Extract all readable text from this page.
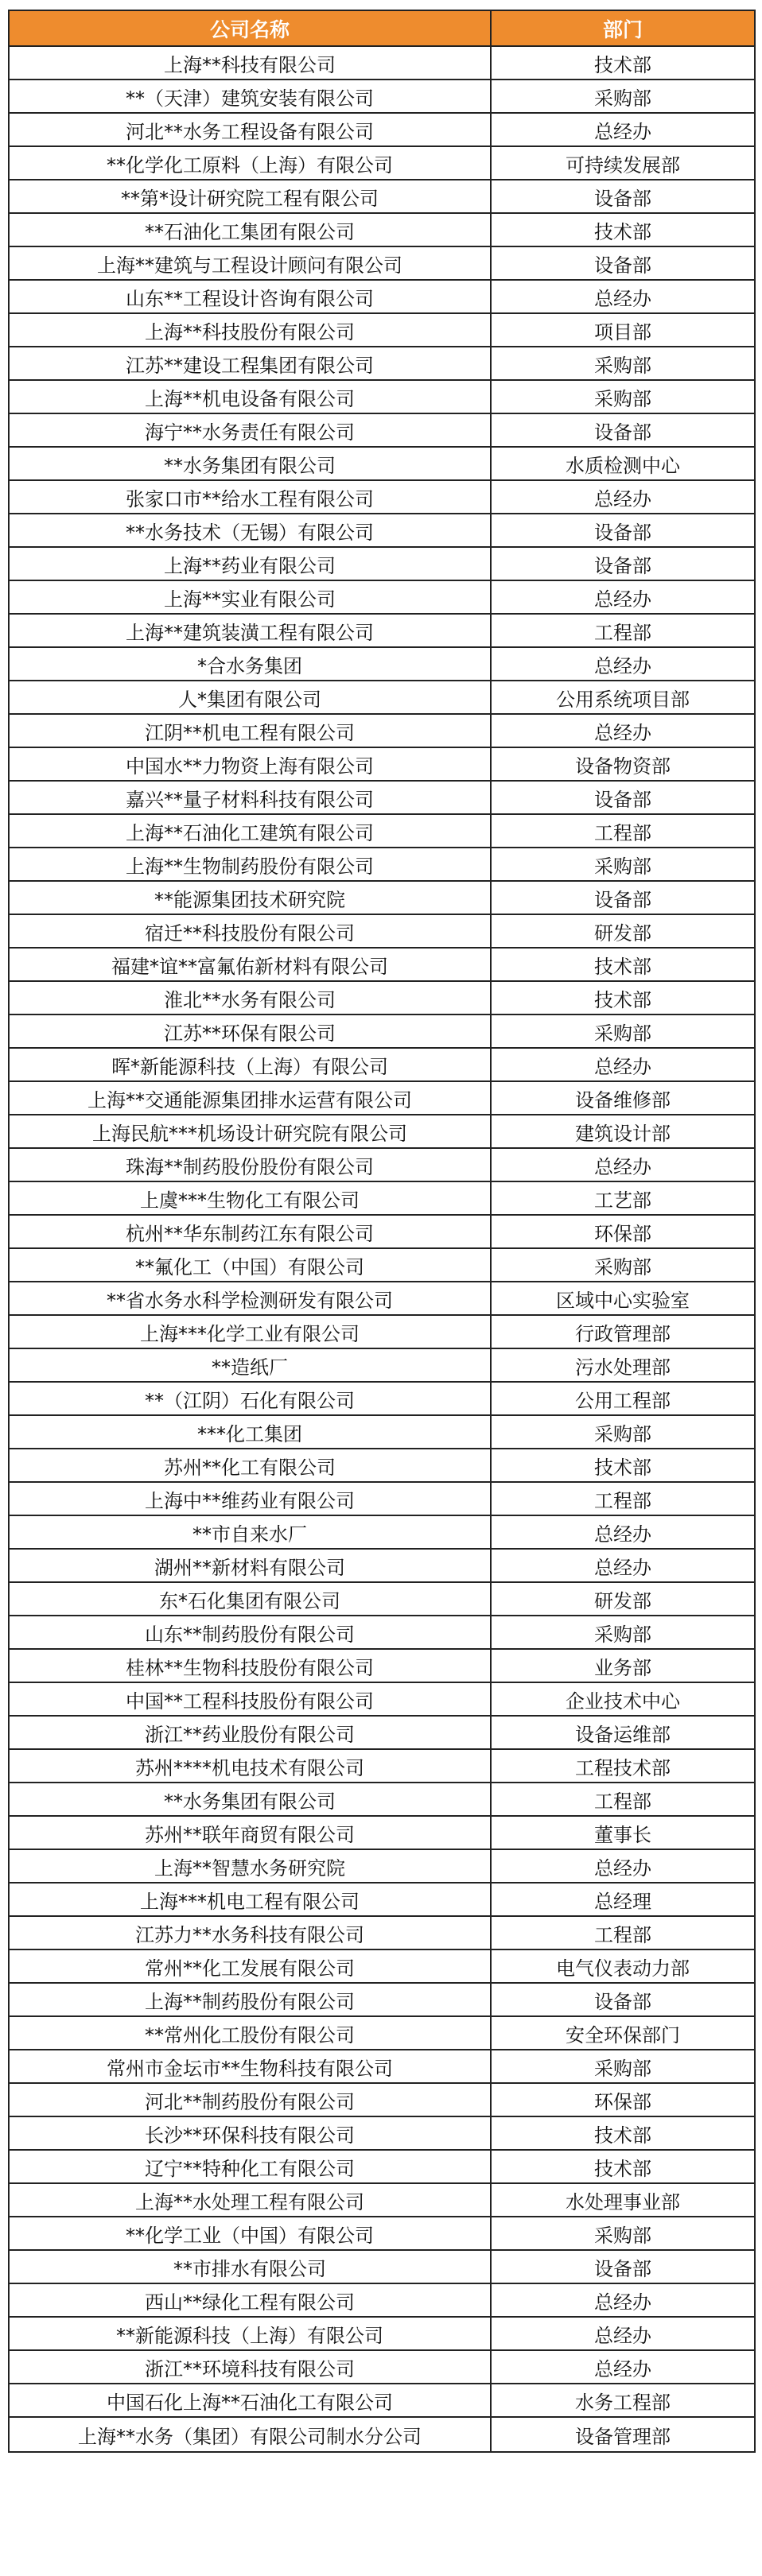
公司名称	部门
上海**科技有限公司	技术部
**（天津）建筑安装有限公司	采购部
河北**水务工程设备有限公司	总经办
**化学化工原料（上海）有限公司	可持续发展部
**第*设计研究院工程有限公司	设备部
**石油化工集团有限公司	技术部
上海**建筑与工程设计顾问有限公司	设备部
山东**工程设计咨询有限公司	总经办
上海**科技股份有限公司	项目部
江苏**建设工程集团有限公司	采购部
上海**机电设备有限公司	采购部
海宁**水务责任有限公司	设备部
**水务集团有限公司	水质检测中心
张家口市**给水工程有限公司	总经办
**水务技术（无锡）有限公司	设备部
上海**药业有限公司	设备部
上海**实业有限公司	总经办
上海**建筑装潢工程有限公司	工程部
*合水务集团	总经办
人*集团有限公司	公用系统项目部
江阴**机电工程有限公司	总经办
中国水**力物资上海有限公司	设备物资部
嘉兴**量子材料科技有限公司	设备部
上海**石油化工建筑有限公司	工程部
上海**生物制药股份有限公司	采购部
**能源集团技术研究院	设备部
宿迁**科技股份有限公司	研发部
福建*谊**富氟佑新材料有限公司	技术部
淮北**水务有限公司	技术部
江苏**环保有限公司	采购部
晖*新能源科技（上海）有限公司	总经办
上海**交通能源集团排水运营有限公司	设备维修部
上海民航***机场设计研究院有限公司	建筑设计部
珠海**制药股份股份有限公司	总经办
上虞***生物化工有限公司	工艺部
杭州**华东制药江东有限公司	环保部
**氟化工（中国）有限公司	采购部
**省水务水科学检测研发有限公司	区域中心实验室
上海***化学工业有限公司	行政管理部
**造纸厂	污水处理部
**（江阴）石化有限公司	公用工程部
***化工集团	采购部
苏州**化工有限公司	技术部
上海中**维药业有限公司	工程部
**市自来水厂	总经办
湖州**新材料有限公司	总经办
东*石化集团有限公司	研发部
山东**制药股份有限公司	采购部
桂林**生物科技股份有限公司	业务部
中国**工程科技股份有限公司	企业技术中心
浙江**药业股份有限公司	设备运维部
苏州****机电技术有限公司	工程技术部
**水务集团有限公司	工程部
苏州**联年商贸有限公司	董事长
上海**智慧水务研究院	总经办
上海***机电工程有限公司	总经理
江苏力**水务科技有限公司	工程部
常州**化工发展有限公司	电气仪表动力部
上海**制药股份有限公司	设备部
**常州化工股份有限公司	安全环保部门
常州市金坛市**生物科技有限公司	采购部
河北**制药股份有限公司	环保部
长沙**环保科技有限公司	技术部
辽宁**特种化工有限公司	技术部
上海**水处理工程有限公司	水处理事业部
**化学工业（中国）有限公司	采购部
**市排水有限公司	设备部
西山**绿化工程有限公司	总经办
**新能源科技（上海）有限公司	总经办
浙江**环境科技有限公司	总经办
中国石化上海**石油化工有限公司	水务工程部
上海**水务（集团）有限公司制水分公司	设备管理部
